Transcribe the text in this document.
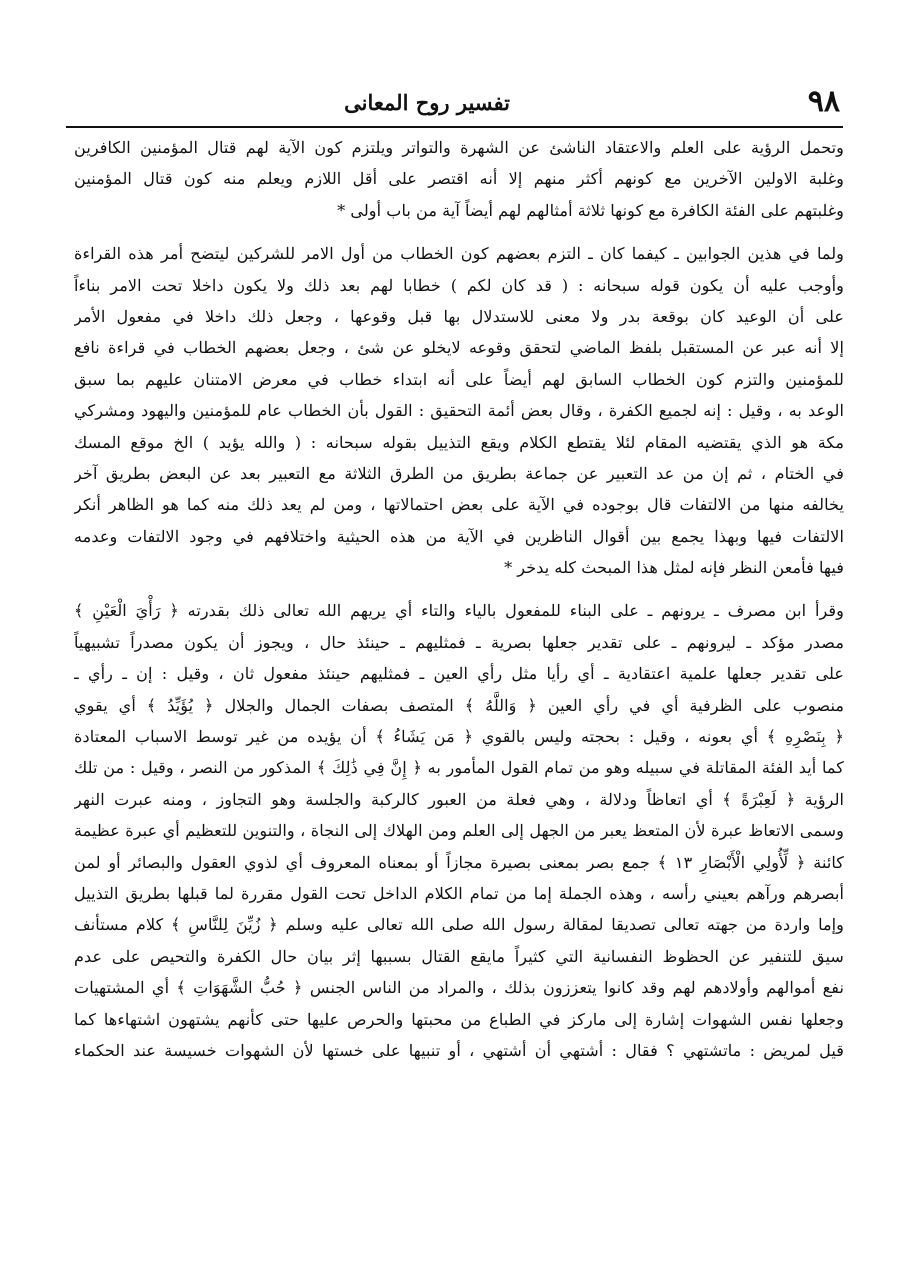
٩٨
تفسير روح المعانى
وتحمل الرؤية على العلم والاعتقاد الناشئ عن الشهرة والتواتر ويلتزم كون الآية لهم قتال المؤمنين الكافرين
وغلبة الاولين الآخرين مع كونهم أكثر منهم إلا أنه اقتصر على أقل اللازم ويعلم منه كون قتال المؤمنين
وغلبتهم على الفئة الكافرة مع كونها ثلاثة أمثالهم لهم أيضاً آية من باب أولى *
ولما في هذين الجوابين ـ كيفما كان ـ التزم بعضهم كون الخطاب من أول الامر للشركين ليتضح أمر هذه القراءة
وأوجب عليه أن يكون قوله سبحانه : ( قد كان لكم ) خطابا لهم بعد ذلك ولا يكون داخلا تحت الامر بناءاً
على أن الوعيد كان بوقعة بدر ولا معنى للاستدلال بها قبل وقوعها ، وجعل ذلك داخلا في مفعول الأمر
إلا أنه عبر عن المستقبل بلفظ الماضي لتحقق وقوعه لايخلو عن شئ ، وجعل بعضهم الخطاب في قراءة نافع
للمؤمنين والتزم كون الخطاب السابق لهم أيضاً على أنه ابتداء خطاب في معرض الامتنان عليهم بما سبق
الوعد به ، وقيل : إنه لجميع الكفرة ، وقال بعض أئمة التحقيق : القول بأن الخطاب عام للمؤمنين واليهود ومشركي
مكة هو الذي يقتضيه المقام لئلا يقتطع الكلام ويقع التذييل بقوله سبحانه : ( والله يؤيد ) الخ موقع المسك
في الختام ، ثم إن من عد التعبير عن جماعة بطريق من الطرق الثلاثة مع التعبير بعد عن البعض بطريق آخر
يخالفه منها من الالتفات قال بوجوده في الآية على بعض احتمالاتها ، ومن لم يعد ذلك منه كما هو الظاهر أنكر
الالتفات فيها وبهذا يجمع بين أقوال الناظرين في الآية من هذه الحيثية واختلافهم في وجود الالتفات وعدمه
فيها فأمعن النظر فإنه لمثل هذا المبحث كله يدخر *
وقرأ ابن مصرف ـ يرونهم ـ على البناء للمفعول بالياء والتاء أي يريهم الله تعالى ذلك بقدرته ﴿ رَأْيَ الْعَيْنِ ﴾
مصدر مؤكد ـ ليرونهم ـ على تقدير جعلها بصرية ـ فمثليهم ـ حينئذ حال ، ويجوز أن يكون مصدراً تشبيهياً
على تقدير جعلها علمية اعتقادية ـ أي رأيا مثل رأي العين ـ فمثليهم حينئذ مفعول ثان ، وقيل : إن ـ رأي ـ
منصوب على الظرفية أي في رأي العين ﴿ وَاللَّهُ ﴾ المتصف بصفات الجمال والجلال ﴿ يُؤَيِّدُ ﴾ أي يقوي
﴿ بِنَصْرِهِ ﴾ أي بعونه ، وقيل : بحجته وليس بالقوي ﴿ مَن يَشَاءُ ﴾ أن يؤيده من غير توسط الاسباب المعتادة
كما أيد الفئة المقاتلة في سبيله وهو من تمام القول المأمور به ﴿ إِنَّ فِي ذَٰلِكَ ﴾ المذكور من النصر ، وقيل : من تلك
الرؤية ﴿ لَعِبْرَةً ﴾ أي اتعاظاً ودلالة ، وهي فعلة من العبور كالركبة والجلسة وهو التجاوز ، ومنه عبرت النهر
وسمى الاتعاظ عبرة لأن المتعظ يعبر من الجهل إلى العلم ومن الهلاك إلى النجاة ، والتنوين للتعظيم أي عبرة عظيمة
كائنة ﴿ لِّأُولِي الْأَبْصَارِ ١٣ ﴾ جمع بصر بمعنى بصيرة مجازاً أو بمعناه المعروف أي لذوي العقول والبصائر أو لمن
أبصرهم ورآهم بعيني رأسه ، وهذه الجملة إما من تمام الكلام الداخل تحت القول مقررة لما قبلها بطريق التذييل
وإما واردة من جهته تعالى تصديقا لمقالة رسول الله صلى الله تعالى عليه وسلم ﴿ زُيِّنَ لِلنَّاسِ ﴾ كلام مستأنف
سيق للتنفير عن الحظوظ النفسانية التي كثيراً مايقع القتال بسببها إثر بيان حال الكفرة والتحيص على عدم
نفع أموالهم وأولادهم لهم وقد كانوا يتعززون بذلك ، والمراد من الناس الجنس ﴿ حُبُّ الشَّهَوَاتِ ﴾ أي المشتهيات
وجعلها نفس الشهوات إشارة إلى ماركز في الطباع من محبتها والحرص عليها حتى كأنهم يشتهون اشتهاءها كما
قيل لمريض : ماتشتهي ؟ فقال : أشتهي أن أشتهي ، أو تنبيها على خستها لأن الشهوات خسيسة عند الحكماء
